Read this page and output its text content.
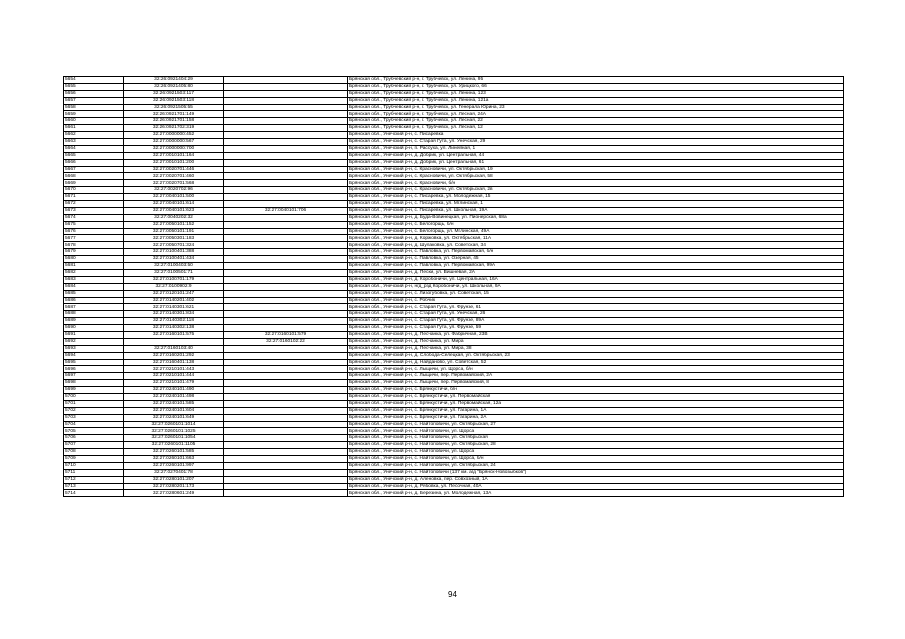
5654	32:26:0921404:29		Брянская обл., Трубчевский р-н, г. Трубчевск, ул. Ленина, 95
5655	32:26:0921405:80		Брянская обл., Трубчевский р-н, г. Трубчевск, ул. Урицкого, 66
5656	32:26:0921503:117		Брянская обл., Трубчевский р-н, г. Трубчевск, ул. Ленина, 123
5657	32:26:0921503:118		Брянская обл., Трубчевский р-н, г. Трубчевск, ул. Ленина, 121а
5658	32:26:0921505:55		Брянская обл., Трубчевский р-н, г. Трубчевск, ул. Генерала Юрина, 23
5659	32:26:0921701:149		Брянская обл., Трубчевский р-н, г. Трубчевск, ул. Лесная, 24А
5660	32:26:0921701:158		Брянская обл., Трубчевский р-н, г. Трубчевск, ул. Лесная, 22
5661	32:26:0921702:319		Брянская обл., Трубчевский р-н, г. Трубчевск, ул. Лесная, 12
5662	32:27:0000000:452		Брянская обл., Унечский р-н, с. Писаревка
5663	32:27:0000000:567		Брянская обл., Унечский р-н, с. Старая Гута, ул. Унечская, 29
5664	32:27:0000000:700		Брянская обл., Унечский р-н, п. Рассуха, ул. Линейная, 1
5665	32:27:0010101:164		Брянская обл., Унечский р-н, д. Добрик, ул. Центральная, 44
5666	32:27:0010101:200		Брянская обл., Унечский р-н, д. Добрик, ул. Центральная, 61
5667	32:27:0020701:446		Брянская обл., Унечский р-н, с. Красновичи, ул. Октябрьская, 19
5668	32:27:0020701:460		Брянская обл., Унечский р-н, с. Красновичи, ул. Октябрьская, 58
5669	32:27:0020701:568		Брянская обл., Унечский р-н, с. Красновичи, б/н
5670	32:27:0020702:96		Брянская обл., Унечский р-н, с. Красновичи, ул. Октябрьская, 2в
5671	32:27:0040101:500		Брянская обл., Унечский р-н, с. Писаревка, ул. Молодежная, 15
5672	32:27:0040101:614		Брянская обл., Унечский р-н, с. Писаревка, ул. Мглинская, 1
5673	32:27:0040101:623	32:27:0040101:706	Брянская обл., Унечский р-н, с. Писаревка, ул. Школьная, 19А
5674	32:27:0040202:32		Брянская обл., Унечский р-н, д. Буда-Вовинецкая, ул. Пионерская, 68а
5675	32:27:0050101:152		Брянская обл., Унечский р-н, с. Белогорщь, б/н
5676	32:27:0050101:191		Брянская обл., Унечский р-н, с. Белогорщь, ул. Мглинская, 49А
5677	32:27:0050301:183		Брянская обл., Унечский р-н, д. Коржовка, ул. Октябрьская, 11А
5678	32:27:0050701:324		Брянская обл., Унечский р-н, д. Шулаковка, ул. Советская, 34
5679	32:27:0100401:388		Брянская обл., Унечский р-н, с. Павловка, ул. Первомайская, б/н
5680	32:27:0100401:434		Брянская обл., Унечский р-н, с. Павловка, ул. Озерная, 45
5681	32:27:0100403:50		Брянская обл., Унечский р-н, с. Павловка, ул. Первомайская, 99А
5682	32:27:0100501:71		Брянская обл., Унечский р-н, д. Пески, ул. Вишневая, 2А
5683	32:27:0100701:179		Брянская обл., Унечский р-н, д. Коробоничи, ул. Центральная, 16А
5684	32:27:0100902:9		Брянская обл., Унечский р-н, н/д_рзд Коробоничи, ул. Школьная, 9А
5685	32:27:0120101:247		Брянская обл., Унечский р-н, с. Лизогубовка, ул. Советская, 15
5686	32:27:0140201:402		Брянская обл., Унечский р-н, с. Робчик
5687	32:27:0140301:621		Брянская обл., Унечский р-н, с. Старая Гута, ул. Фрунзе, 61
5688	32:27:0140301:834		Брянская обл., Унечский р-н, с. Старая Гута, ул. Унечская, 26
5689	32:27:0140302:118		Брянская обл., Унечский р-н, с. Старая Гута, ул. Фрунзе, 89А
5690	32:27:0140302:138		Брянская обл., Унечский р-н, с. Старая Гута, ул. Фрунзе, 59
5691	32:27:0160101:575	32:27:0160101:579	Брянская обл., Унечский р-н, д. Песчанка, ул. Фабричная, 23В
5692		32:27:0160102:22	Брянская обл., Унечский р-н, д. Песчанка, ул. Мира
5693	32:27:0160103:40		Брянская обл., Унечский р-н, д. Песчанка, ул. Мира, 38
5694	32:27:0160201:292		Брянская обл., Унечский р-н, д. Слобода-Селецкая, ул. Октябрьская, 23
5695	32:27:0160401:138		Брянская обл., Унечский р-н, д. Найданово, ул. Советская, 52
5696	32:27:0210101:443		Брянская обл., Унечский р-н, с. Лыщичи, ул. Щорса, б/н
5697	32:27:0210101:444		Брянская обл., Унечский р-н, с. Лыщичи, пер. Первомайский, 2А
5698	32:27:0210101:479		Брянская обл., Унечский р-н, с. Лыщичи, пер. Первомайский, 8
5699	32:27:0240101:490		Брянская обл., Унечский р-н, с. Брянкустичи, б/н
5700	32:27:0240101:498		Брянская обл., Унечский р-н, с. Брянкустичи, ул. Первомайская
5701	32:27:0240101:585		Брянская обл., Унечский р-н, с. Брянкустичи, ул. Первомайская, 12а
5702	32:27:0240101:604		Брянская обл., Унечский р-н, с. Брянкустичи, ул. Гагарина, 1А
5703	32:27:0240101:649		Брянская обл., Унечский р-н, с. Брянкустичи, ул. Гагарина, 2А
5704	32:27:0260101:1014		Брянская обл., Унечский р-н, с. Найтоповичи, ул. Октябрьская, 27
5705	32:27:0260101:1025		Брянская обл., Унечский р-н, с. Найтоповичи, ул. Щорса
5706	32:27:0260101:1054		Брянская обл., Унечский р-н, с. Найтоповичи, ул. Октябрьская
5707	32:27:0260101:1105		Брянская обл., Унечский р-н, с. Найтоповичи, ул. Октябрьская, 28
5708	32:27:0260101:585		Брянская обл., Унечский р-н, с. Найтоповичи, ул. Щорса
5709	32:27:0260101:663		Брянская обл., Унечский р-н, с. Найтоповичи, ул. Щорса, б/н
5710	32:27:0260101:997		Брянская обл., Унечский р-н, с. Найтоповичи, ул. Октябрьская, 24
5711	32:27:0270401:78		Брянская обл., Унечский р-н, с. Найтоповичи (137 км. а/д "Брянск-Новозыбков")
5712	32:27:0280101:207		Брянская обл., Унечский р-н, д. Аленовка, пер. Совхозный, 1А
5713	32:27:0280201:173		Брянская обл., Унечский р-н, д. Рябовка, ул. Песочная, 40А
5714	32:27:0280601:249		Брянская обл., Унечский р-н, д. Березина, ул. Молодежная, 13А
94
